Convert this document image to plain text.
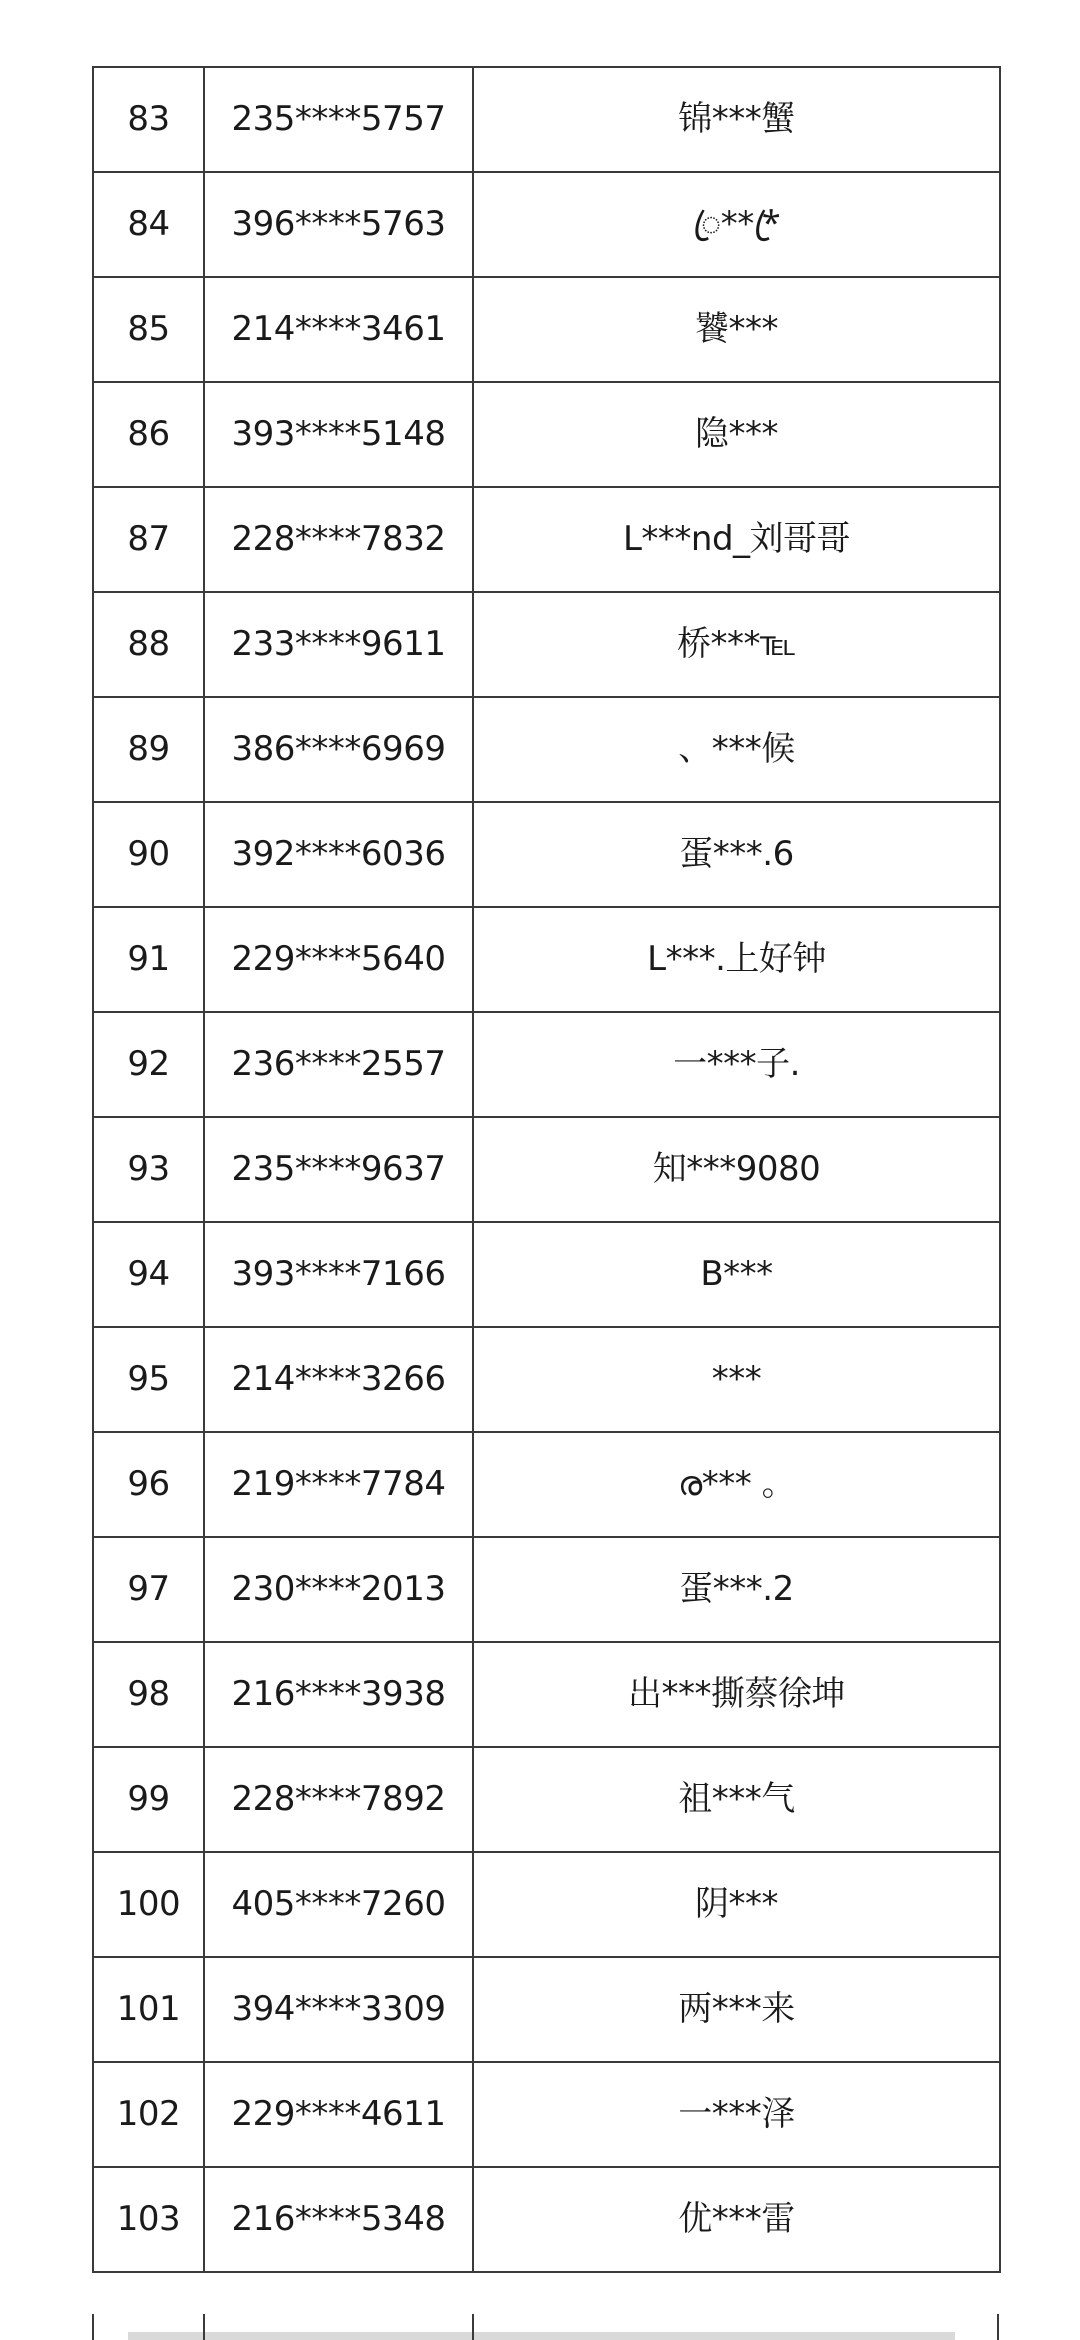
83	235****5757	锦***蟹
84	396****5763	ꦿ***ꦿ
85	214****3461	饕***
86	393****5148	隐***
87	228****7832	L***nd_刘哥哥
88	233****9611	桥***℡
89	386****6969	、***候
90	392****6036	蛋***.6
91	229****5640	L***.上好钟
92	236****2557	一***子.
93	235****9637	知***9080
94	393****7166	B***
95	214****3266	***
96	219****7784	ര*** 。
97	230****2013	蛋***.2
98	216****3938	出***撕蔡徐坤
99	228****7892	祖***气
100	405****7260	阴***
101	394****3309	两***来
102	229****4611	一***泽
103	216****5348	优***雷
